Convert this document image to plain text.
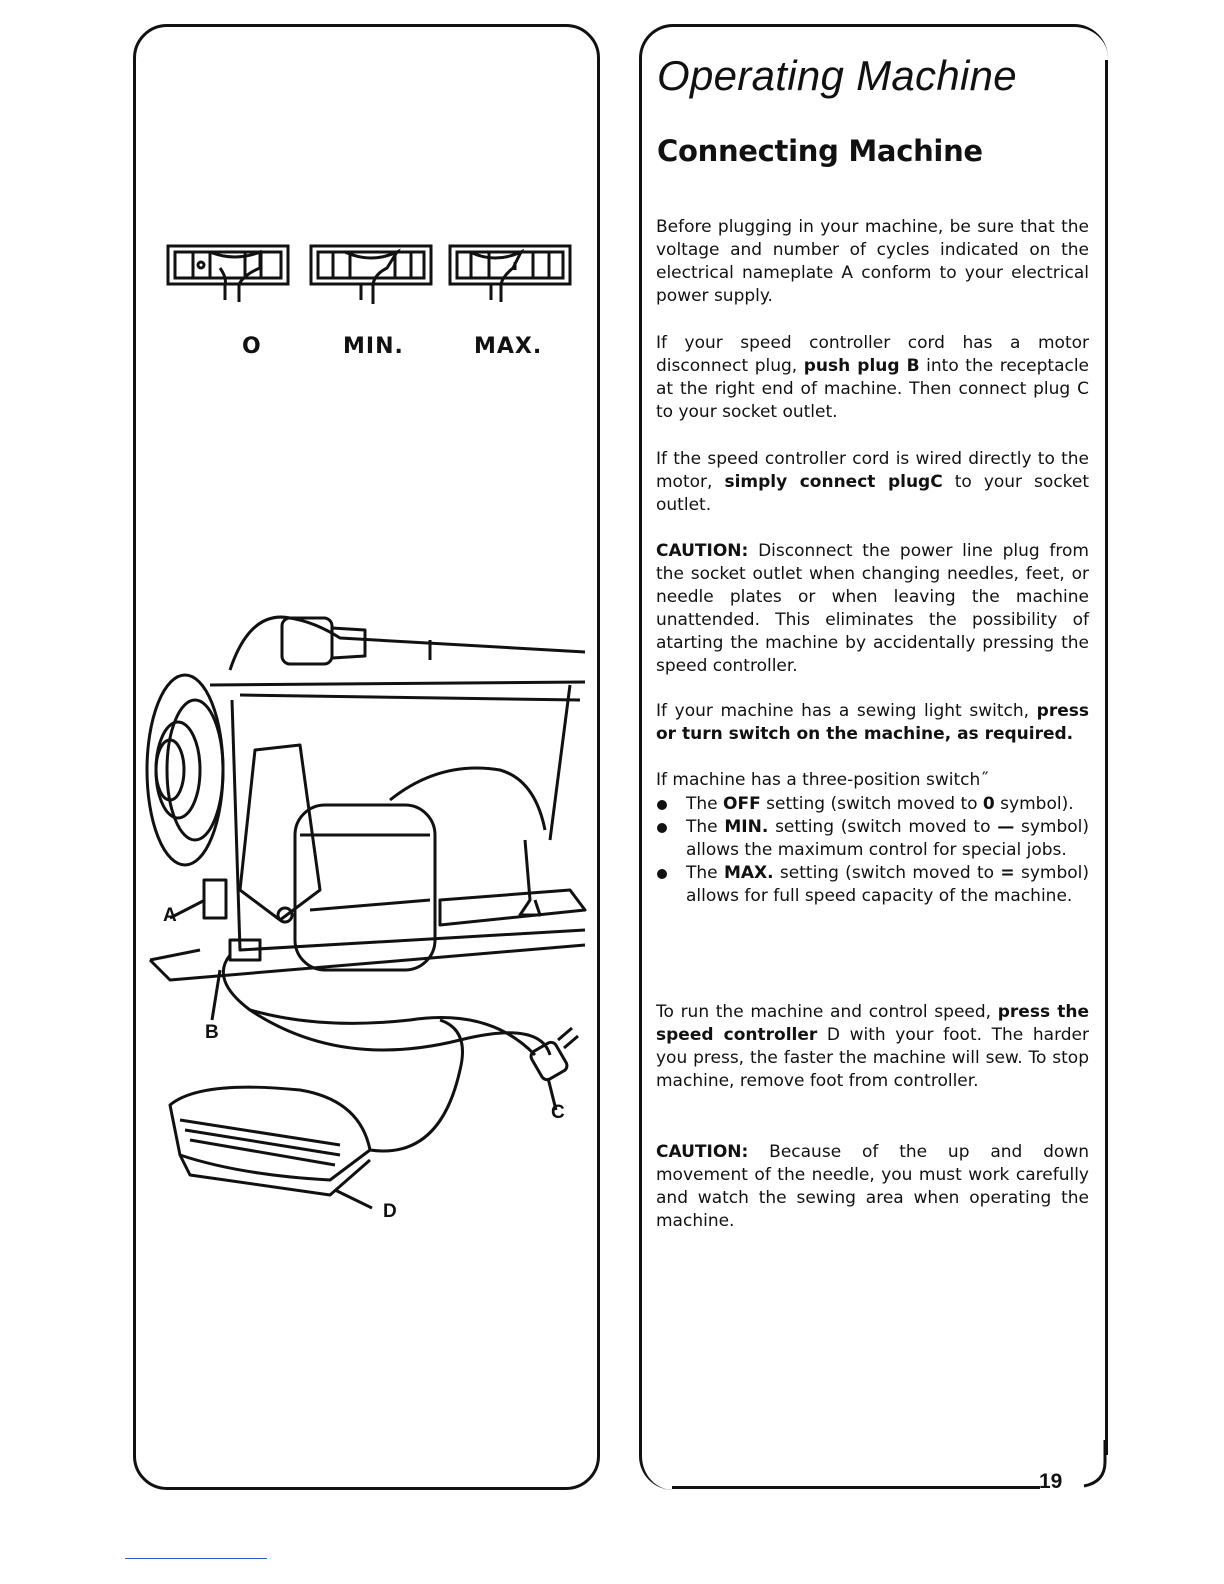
19
O	MIN.	MAX.
A
B
C
D
Operating Machine
Connecting Machine
Before plugging in your machine, be sure that the voltage and number of cycles indicated on the electrical nameplate A conform to your electrical power supply.
If your speed controller cord has a motor disconnect plug, push plug B into the receptacle at the right end of machine. Then connect plug C to your socket outlet.
If the speed controller cord is wired directly to the motor, simply connect plugC to your socket outlet.
CAUTION: Disconnect the power line plug from the socket outlet when changing needles, feet, or needle plates or when leaving the machine unattended. This eliminates the possibility of atarting the machine by accidentally pressing the speed controller.
If your machine has a sewing light switch, press or turn switch on the machine, as required.
If machine has a three-position switch˝
The OFF setting (switch moved to 0 symbol).
The MIN. setting (switch moved to — symbol) allows the maximum control for special jobs.
The MAX. setting (switch moved to = symbol) allows for full speed capacity of the machine.
To run the machine and control speed, press the speed controller D with your foot. The harder you press, the faster the machine will sew. To stop machine, remove foot from controller.
CAUTION: Because of the up and down movement of the needle, you must work carefully and watch the sewing area when operating the machine.
